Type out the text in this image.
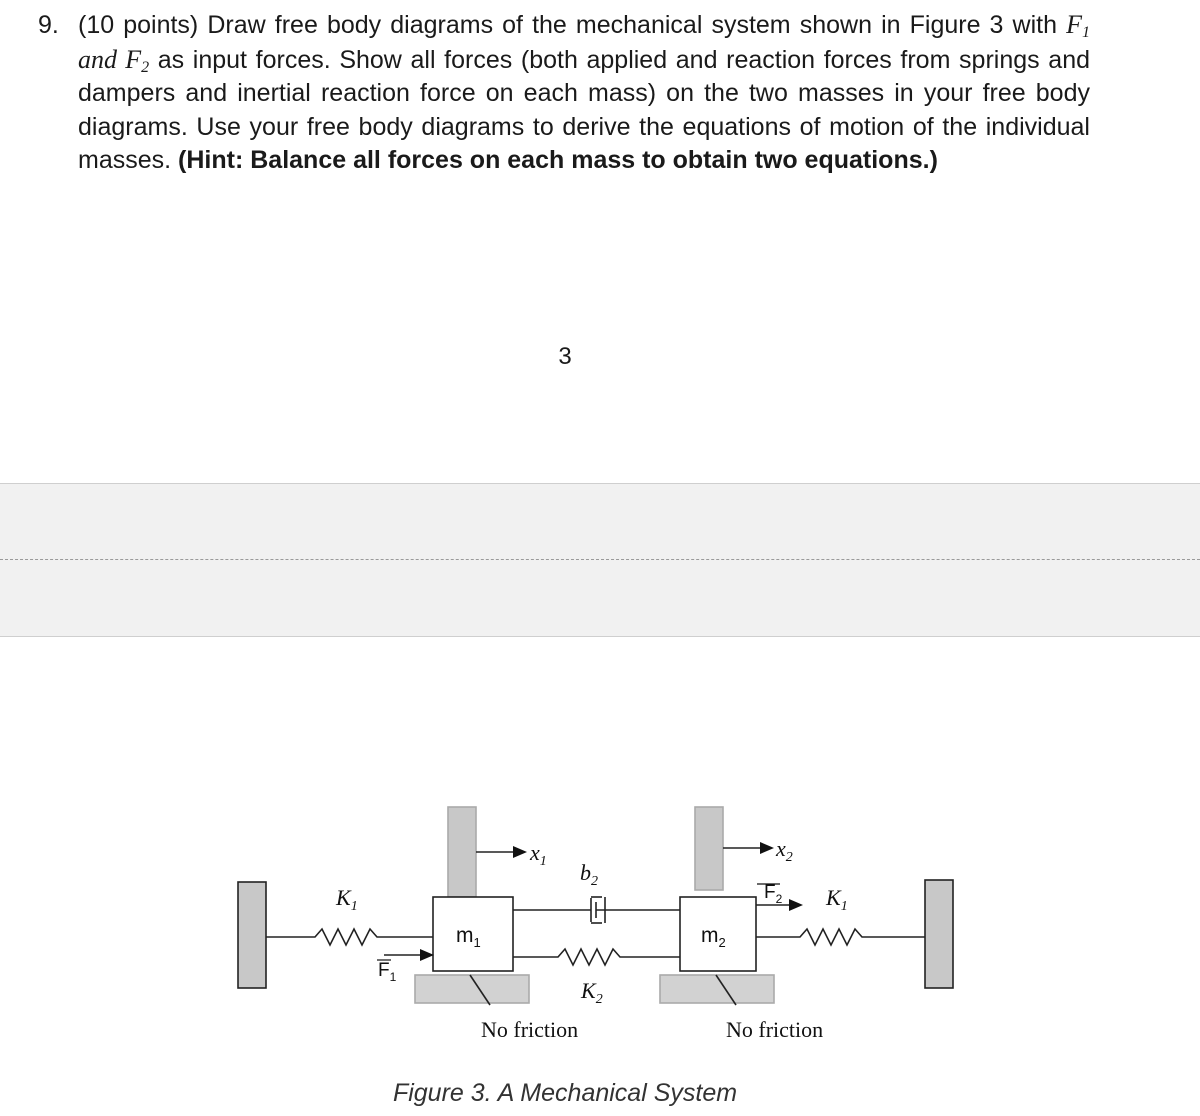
9. (10 points) Draw free body diagrams of the mechanical system shown in Figure 3 with $F_1$ and $F_2$ as input forces. Show all forces (both applied and reaction forces from springs and dampers and inertial reaction force on each mass) on the two masses in your free body diagrams. Use your free body diagrams to derive the equations of motion of the individual masses. (Hint: Balance all forces on each mass to obtain two equations.)
3
$K_1$
$x_1$ $b_2$
$K_2$
$x_2$
$K_1$
No friction	No friction
$m_1$	$m_2$
$F_1$
$F_2$
Figure 3. A Mechanical System
